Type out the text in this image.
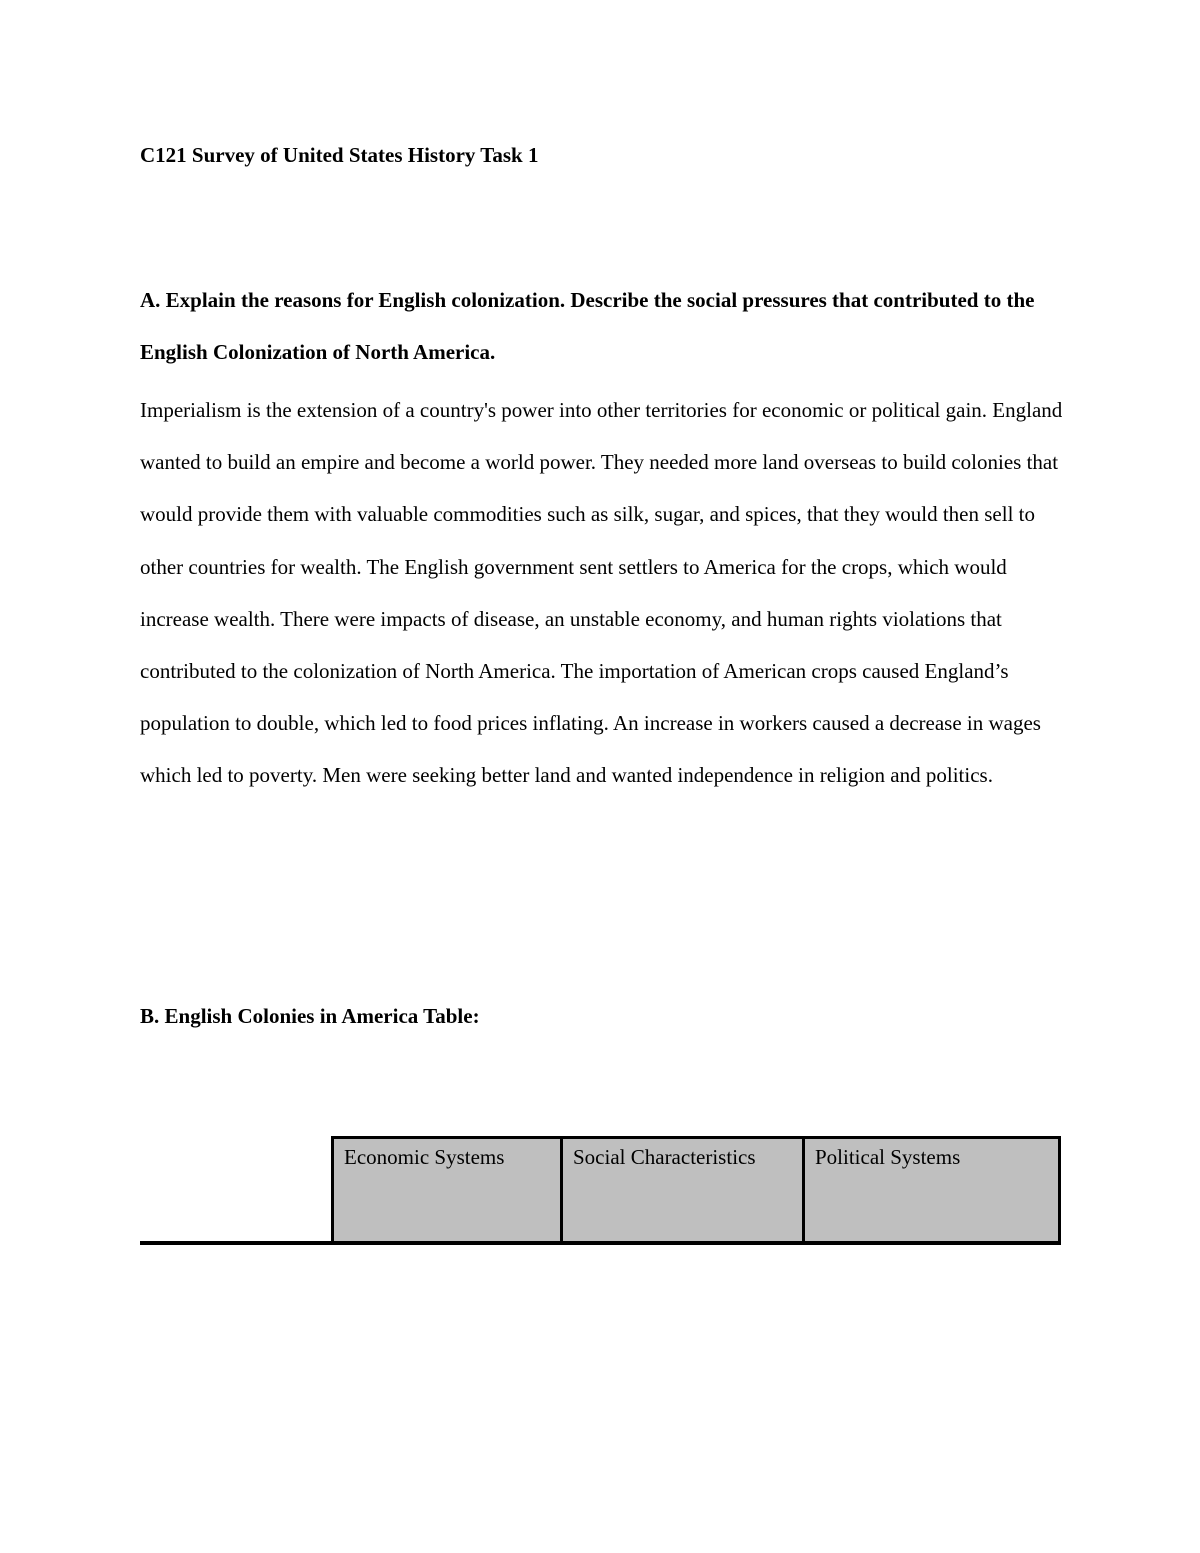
C121 Survey of United States History Task 1

A. Explain the reasons for English colonization. Describe the social pressures that contributed to the English Colonization of North America.

Imperialism is the extension of a country's power into other territories for economic or political gain. England wanted to build an empire and become a world power. They needed more land overseas to build colonies that would provide them with valuable commodities such as silk, sugar, and spices, that they would then sell to other countries for wealth. The English government sent settlers to America for the crops, which would increase wealth. There were impacts of disease, an unstable economy, and human rights violations that contributed to the colonization of North America. The importation of American crops caused England’s population to double, which led to food prices inflating. An increase in workers caused a decrease in wages which led to poverty. Men were seeking better land and wanted independence in religion and politics.

B. English Colonies in America Table:

Economic Systems	Social Characteristics	Political Systems
